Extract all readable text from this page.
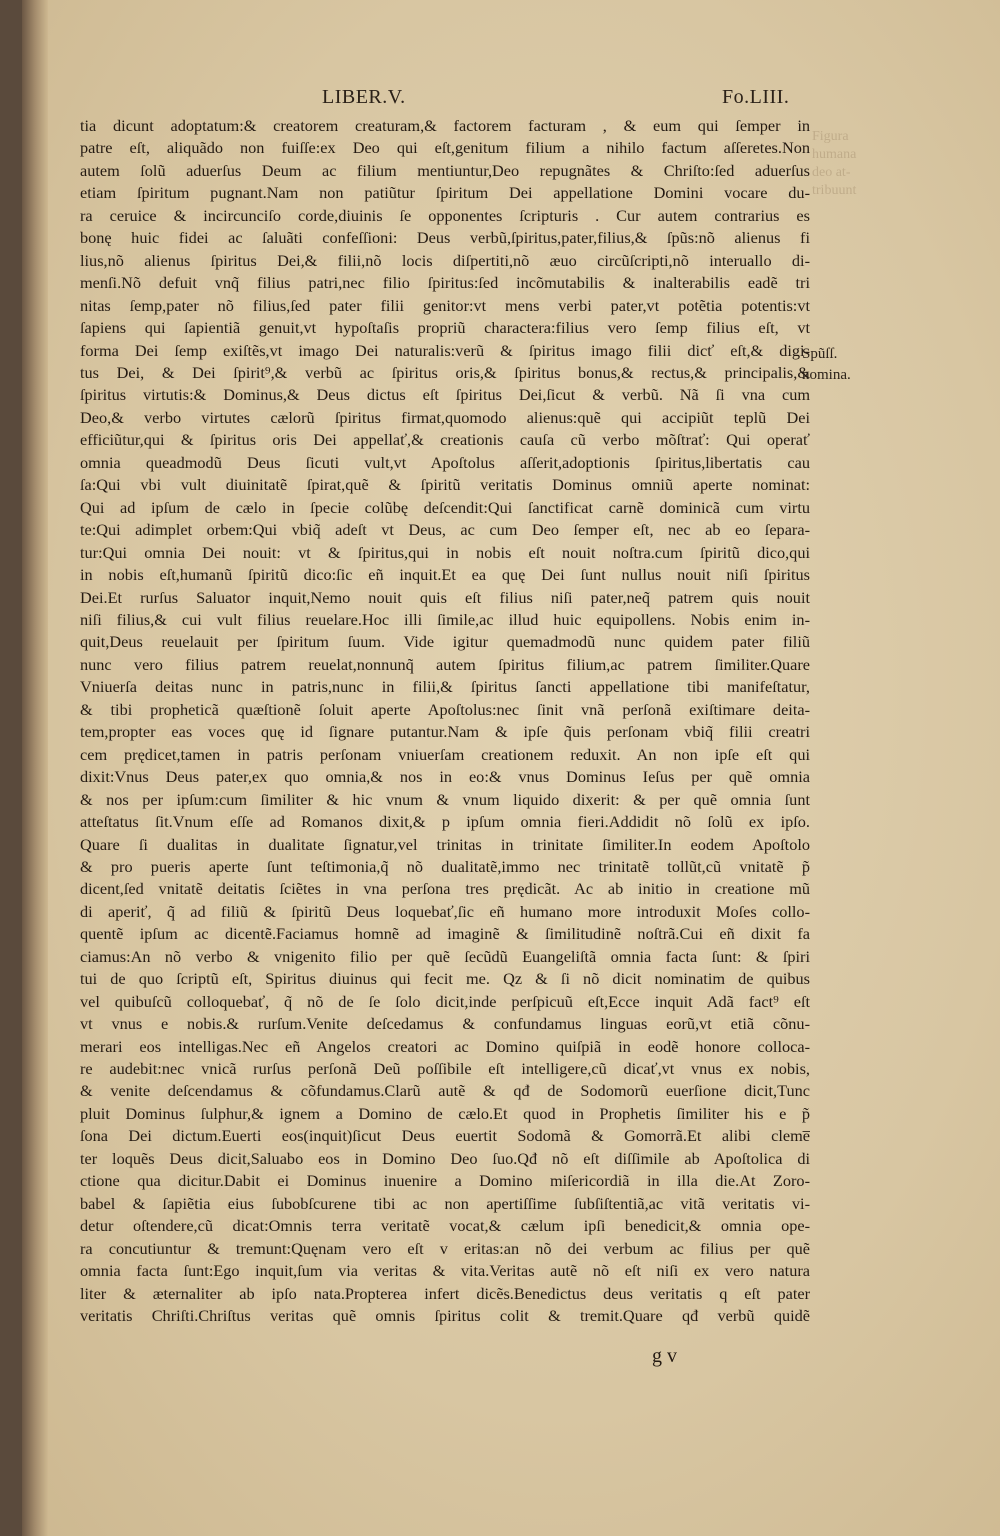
LIBER.V.	Fo.LIII.
Figura
humana
deo at-
tribuunt
tia dicunt adoptatum:& creatorem creaturam,& factorem facturam , & eum qui ſemper in
patre eſt, aliquãdo non fuiſſe:ex Deo qui eſt,genitum filium a nihilo factum aſſeretes.Non
autem ſolũ aduerſus Deum ac filium mentiuntur,Deo repugnãtes & Chriſto:ſed aduerſus
etiam ſpiritum pugnant.Nam non patiũtur ſpiritum Dei appellatione Domini vocare du-
ra ceruice & incircunciſo corde,diuinis ſe opponentes ſcripturis . Cur autem contrarius es
bonę huic fidei ac ſaluãti confeſſioni: Deus verbũ,ſpiritus,pater,filius,& ſpũs:nõ alienus fi
lius,nõ alienus ſpiritus Dei,& filii,nõ locis diſpertiti,nõ æuo circũſcripti,nõ interuallo di-
menſi.Nõ defuit vnq̃ filius patri,nec filio ſpiritus:ſed incõmutabilis & inalterabilis eadẽ tri
nitas ſemp,pater nõ filius,ſed pater filii genitor:vt mens verbi pater,vt potẽtia potentis:vt
ſapiens qui ſapientiã genuit,vt hypoſtaſis propriũ charactera:filius vero ſemp filius eſt, vt
forma Dei ſemp exiſtẽs,vt imago Dei naturalis:verũ & ſpiritus imago filii dicť eſt,& digi-
tus Dei, & Dei ſpirit⁹,& verbũ ac ſpiritus oris,& ſpiritus bonus,& rectus,& principalis,&
ſpiritus virtutis:& Dominus,& Deus dictus eſt ſpiritus Dei,ſicut & verbũ. Nã ſi vna cum
Deo,& verbo virtutes cælorũ ſpiritus firmat,quomodo alienus:quẽ qui accipiũt teplũ Dei
efficiũtur,qui & ſpiritus oris Dei appellať,& creationis cauſa cũ verbo mõſtrať: Qui operať
omnia queadmodũ Deus ſicuti vult,vt Apoſtolus aſſerit,adoptionis ſpiritus,libertatis cau
ſa:Qui vbi vult diuinitatẽ ſpirat,quẽ & ſpiritũ veritatis Dominus omniũ aperte nominat:
Qui ad ipſum de cælo in ſpecie colũbę deſcendit:Qui ſanctificat carnẽ dominicã cum virtu
te:Qui adimplet orbem:Qui vbiq̃ adeſt vt Deus, ac cum Deo ſemper eſt, nec ab eo ſepara-
tur:Qui omnia Dei nouit: vt & ſpiritus,qui in nobis eſt nouit noſtra.cum ſpiritũ dico,qui
in nobis eſt,humanũ ſpiritũ dico:ſic eñ inquit.Et ea quę Dei ſunt nullus nouit niſi ſpiritus
Dei.Et rurſus Saluator inquit,Nemo nouit quis eſt filius niſi pater,neq̃ patrem quis nouit
niſi filius,& cui vult filius reuelare.Hoc illi ſimile,ac illud huic equipollens. Nobis enim in-
quit,Deus reuelauit per ſpiritum ſuum. Vide igitur quemadmodũ nunc quidem pater filiũ
nunc vero filius patrem reuelat,nonnunq̃ autem ſpiritus filium,ac patrem ſimiliter.Quare
Vniuerſa deitas nunc in patris,nunc in filii,& ſpiritus ſancti appellatione tibi manifeſtatur,
& tibi propheticã quæſtionẽ ſoluit aperte Apoſtolus:nec ſinit vnã perſonã exiſtimare deita-
tem,propter eas voces quę id ſignare putantur.Nam & ipſe q̃uis perſonam vbiq̃ filii creatri
cem prędicet,tamen in patris perſonam vniuerſam creationem reduxit. An non ipſe eſt qui
dixit:Vnus Deus pater,ex quo omnia,& nos in eo:& vnus Dominus Ieſus per quẽ omnia
& nos per ipſum:cum ſimiliter & hic vnum & vnum liquido dixerit: & per quẽ omnia ſunt
atteſtatus ſit.Vnum eſſe ad Romanos dixit,& p ipſum omnia fieri.Addidit nõ ſolũ ex ipſo.
Quare ſi dualitas in dualitate ſignatur,vel trinitas in trinitate ſimiliter.In eodem Apoſtolo
& pro pueris aperte ſunt teſtimonia,q̃ nõ dualitatẽ,immo nec trinitatẽ tollũt,cũ vnitatẽ p̃
dicent,ſed vnitatẽ deitatis ſciẽtes in vna perſona tres prędicãt. Ac ab initio in creatione mũ
di aperiť, q̃ ad filiũ & ſpiritũ Deus loquebať,ſic eñ humano more introduxit Moſes collo-
quentẽ ipſum ac dicentẽ.Faciamus homnẽ ad imaginẽ & ſimilitudinẽ noſtrã.Cui eñ dixit fa
ciamus:An nõ verbo & vnigenito filio per quẽ ſecũdũ Euangeliſtã omnia facta ſunt: & ſpiri
tui de quo ſcriptũ eſt, Spiritus diuinus qui fecit me. Qz & ſi nõ dicit nominatim de quibus
vel quibuſcũ colloquebať, q̃ nõ de ſe ſolo dicit,inde perſpicuũ eſt,Ecce inquit Adã fact⁹ eſt
vt vnus e nobis.& rurſum.Venite deſcedamus & confundamus linguas eorũ,vt etiã cõnu-
merari eos intelligas.Nec eñ Angelos creatori ac Domino quiſpiã in eodẽ honore colloca-
re audebit:nec vnicã rurſus perſonã Deũ poſſibile eſt intelligere,cũ dicať,vt vnus ex nobis,
& venite deſcendamus & cõfundamus.Clarũ autẽ & qđ de Sodomorũ euerſione dicit,Tunc
pluit Dominus ſulphur,& ignem a Domino de cælo.Et quod in Prophetis ſimiliter his e p̃
ſona Dei dictum.Euerti eos(inquit)ſicut Deus euertit Sodomã & Gomorrã.Et alibi cleme̅
ter loquẽs Deus dicit,Saluabo eos in Domino Deo ſuo.Qđ nõ eſt diſſimile ab Apoſtolica di
ctione qua dicitur.Dabit ei Dominus inuenire a Domino miſericordiã in illa die.At Zoro-
babel & ſapiẽtia eius ſubobſcurene tibi ac non apertiſſime ſubſiſtentiã,ac vitã veritatis vi-
detur oſtendere,cũ dicat:Omnis terra veritatẽ vocat,& cælum ipſi benedicit,& omnia ope-
ra concutiuntur & tremunt:Quęnam vero eſt v eritas:an nõ dei verbum ac filius per quẽ
omnia facta ſunt:Ego inquit,ſum via veritas & vita.Veritas autẽ nõ eſt niſi ex vero natura
liter & æternaliter ab ipſo nata.Propterea infert dicẽs.Benedictus deus veritatis q eſt pater
veritatis Chriſti.Chriſtus veritas quẽ omnis ſpiritus colit & tremit.Quare qđ verbũ quidẽ
Spũſſ.
nomina.
g v
